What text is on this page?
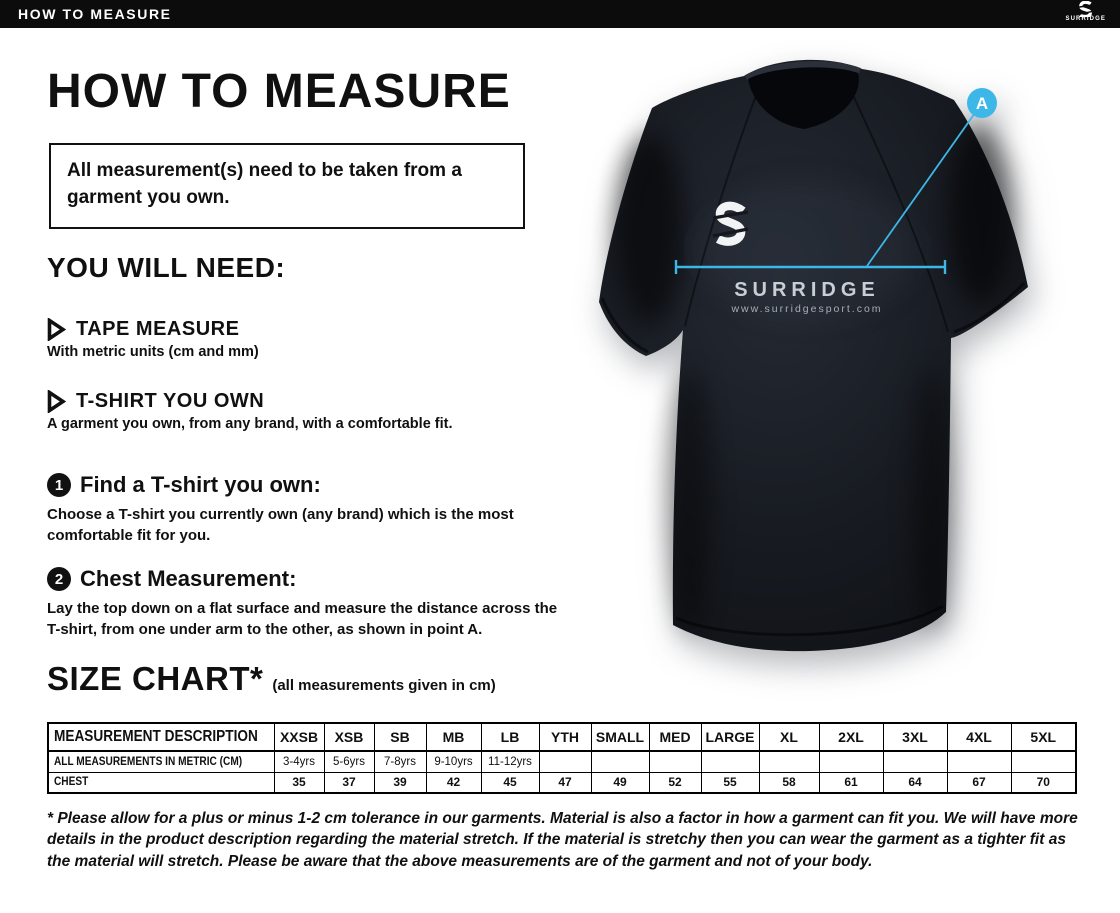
HOW TO MEASURE	SURRIDGE
HOW TO MEASURE
All measurement(s) need to be taken from a garment you own.
YOU WILL NEED:
TAPE MEASURE
With metric units (cm and mm)
T-SHIRT YOU OWN
A garment you own, from any brand, with a comfortable fit.
1 Find a T-shirt you own:
Choose a T-shirt you currently own (any brand) which is the most comfortable fit for you.
2 Chest Measurement:
Lay the top down on a flat surface and measure the distance across the T-shirt, from one under arm to the other, as shown in point A.
SIZE CHART* (all measurements given in cm)
MEASUREMENT DESCRIPTION	XXSB	XSB	SB	MB	LB	YTH	SMALL	MED	LARGE	XL	2XL	3XL	4XL	5XL
ALL MEASUREMENTS IN METRIC (CM)	3-4yrs	5-6yrs	7-8yrs	9-10yrs	11-12yrs									
CHEST	35	37	39	42	45	47	49	52	55	58	61	64	67	70
* Please allow for a plus or minus 1-2 cm tolerance in our garments. Material is also a factor in how a garment can fit you. We will have more details in the product description regarding the material stretch. If the material is stretchy then you can wear the garment as a tighter fit as the material will stretch. Please be aware that the above measurements are of the garment and not of your body.
SURRIDGE
www.surridgesport.com
A
